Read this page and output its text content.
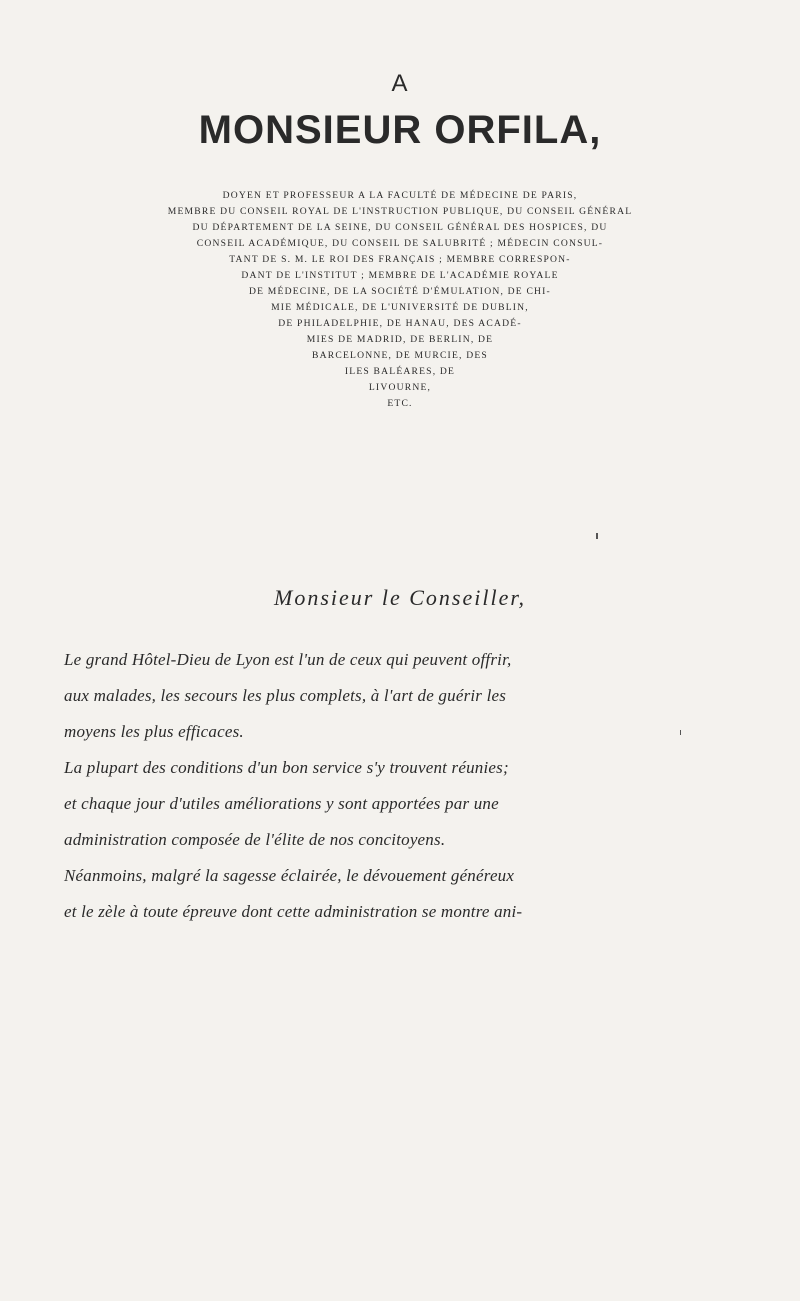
A
MONSIEUR ORFILA,
DOYEN ET PROFESSEUR A LA FACULTÉ DE MÉDECINE DE PARIS,
MEMBRE DU CONSEIL ROYAL DE L'INSTRUCTION PUBLIQUE, DU CONSEIL GÉNÉRAL
DU DÉPARTEMENT DE LA SEINE, DU CONSEIL GÉNÉRAL DES HOSPICES, DU
CONSEIL ACADÉMIQUE, DU CONSEIL DE SALUBRITÉ ; MÉDECIN CONSUL-
TANT DE S. M. LE ROI DES FRANÇAIS ; MEMBRE CORRESPON-
DANT DE L'INSTITUT ; MEMBRE DE L'ACADÉMIE ROYALE
DE MÉDECINE, DE LA SOCIÉTÉ D'ÉMULATION, DE CHI-
MIE MÉDICALE, DE L'UNIVERSITÉ DE DUBLIN,
DE PHILADELPHIE, DE HANAU, DES ACADÉ-
MIES DE MADRID, DE BERLIN, DE
BARCELONNE, DE MURCIE, DES
ILES BALÉARES, DE
LIVOURNE,
ETC.
Monsieur le Conseiller,
Le grand Hôtel-Dieu de Lyon est l'un de ceux qui peuvent offrir,
aux malades, les secours les plus complets, à l'art de guérir les
moyens les plus efficaces.
La plupart des conditions d'un bon service s'y trouvent réunies;
et chaque jour d'utiles améliorations y sont apportées par une
administration composée de l'élite de nos concitoyens.
Néanmoins, malgré la sagesse éclairée, le dévouement généreux
et le zèle à toute épreuve dont cette administration se montre ani-
